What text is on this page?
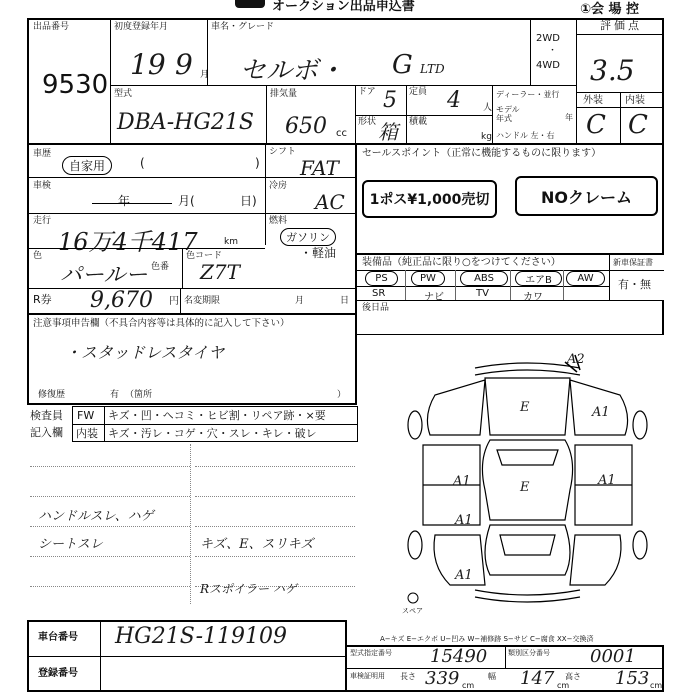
オークション出品申込書	①会 場 控
出品番号
9530
初度登録年月
19 9 月
車名・グレード
セルボ・ G LTD
2WD
・
4WD
評価点
3.5
外装 内装
C C
型式
DBA-HG21S
排気量
650 cc
ドア 5 定員 4 人
形状 箱 積載
kg
ディーラー・並行
モデル年式	年
ハンドル 左・右
車歴
自家用	(	)
シフト
FAT
車検
年	月(	日)
冷房
AC
走行
16万4千417	km
燃料
ガソリン
・軽油
色
パールー 色番
色コード
Z7T
R券 9,670 円 名変期限	月	日
セールスポイント（正常に機能するものに限ります）
1ポス¥1,000売切	NOクレーム
装備品（純正品に限り○をつけてください）	新車保証書
有・無
PS	PW	ABS	エアB	AW
SR	ナビ	TV	カワ
後日品
注意事項申告欄（不具合内容等は具体的に記入して下さい）
・スタッドレスタイヤ
修復歴	有 （箇所	）
検査員
記入欄
FW キズ・凹・ヘコミ・ヒビ割・リペア跡・×要
内装 キズ・汚レ・コゲ・穴・スレ・キレ・破レ
ハンドルスレ、ハゲ
シートスレ	キズ、E、スリキズ
Rスポイラー ハゲ
A2
E	A1
A1	E	A1
A1
A1
スペア
A−キズ E−エクボ U−凹み W−補修跡 S−サビ C−腐食 XX−交換済
車台番号 HG21S-119109
登録番号
型式指定番号 15490	類別区分番号 0001
車検証明用 長さ 339 cm
幅 147 cm
高さ 153 cm
